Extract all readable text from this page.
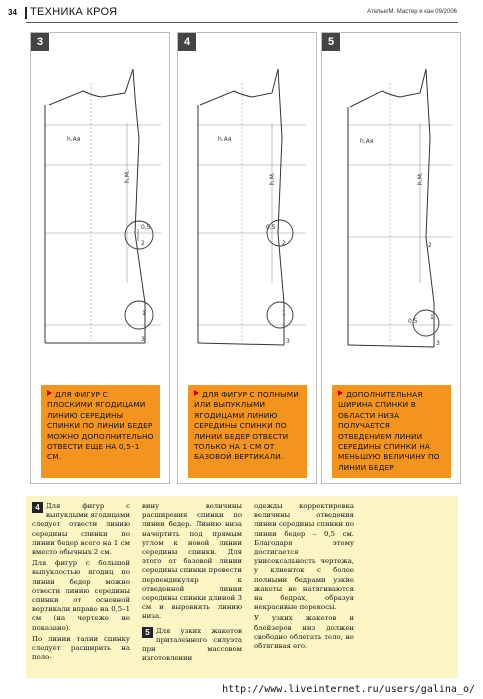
34 ТЕХНИКА КРОЯ	Ателье/М. Мастер и кан 09/2006
3
h.Ая
h.М.
0,5
2
1
3
ДЛЯ ФИГУР С ПЛОСКИМИ ЯГОДИЦАМИ ЛИНИЮ СЕРЕДИНЫ СПИНКИ ПО ЛИНИИ БЕДЕР МОЖНО ДОПОЛНИТЕЛЬНО ОТВЕСТИ ЕЩЕ НА 0,5–1 СМ.
4
h.Ая
h.М.
0,5
2
1
3
ДЛЯ ФИГУР С ПОЛНЫМИ ИЛИ ВЫПУКЛЫМИ ЯГОДИЦАМИ ЛИНИЮ СЕРЕДИНЫ СПИНКИ ПО ЛИНИИ БЕДЕР ОТВЕСТИ ТОЛЬКО НА 1 СМ ОТ БАЗОВОЙ ВЕРТИКАЛИ.
5
h.Ая
h.М.
0,5
2
1
3
ДОПОЛНИТЕЛЬНАЯ ШИРИНА СПИНКИ В ОБЛАСТИ НИЗА ПОЛУЧАЕТСЯ ОТВЕДЕНИЕМ ЛИНИИ СЕРЕДИНЫ СПИНКИ НА МЕНЬШУЮ ВЕЛИЧИНУ ПО ЛИНИИ БЕДЕР
4 Для фигур с выпуклыми ягодицами следует отвести линию середины спинки по линии бедер всего на 1 см вместо обычных 2 см.
Для фигур с большой выпуклостью ягодиц по линии бедер можно отвести линию середины спинки от основной вертикали вправо на 0,5–1 см (на чертеже не показано).
По линии талии спинку следует расширить на поло-
вину величины расширения спинки по линии бедер. Линию низа начертить под прямым углом к новой линии середины спинки. Для этого от базовой линии середины спинки провести перпендикуляр к отведенной линии середины спинки длиной 3 см и выровнять линию низа.
5 Для узких жакетов приталенного силуэта при массовом изготовлении
одежды корректировка величины отведения линии середины спинки по линии бедер – 0,5 см. Благодаря этому достигается унисексальность чертежа, у клиенток с более полными бедрами узкие жакеты не натягиваются на бедрах, образуя некрасивые перекосы.
У узких жакетов и блейзеров низ должен свободно облегать тело, не обтягивая его.
http://www.liveinternet.ru/users/galina_o/
